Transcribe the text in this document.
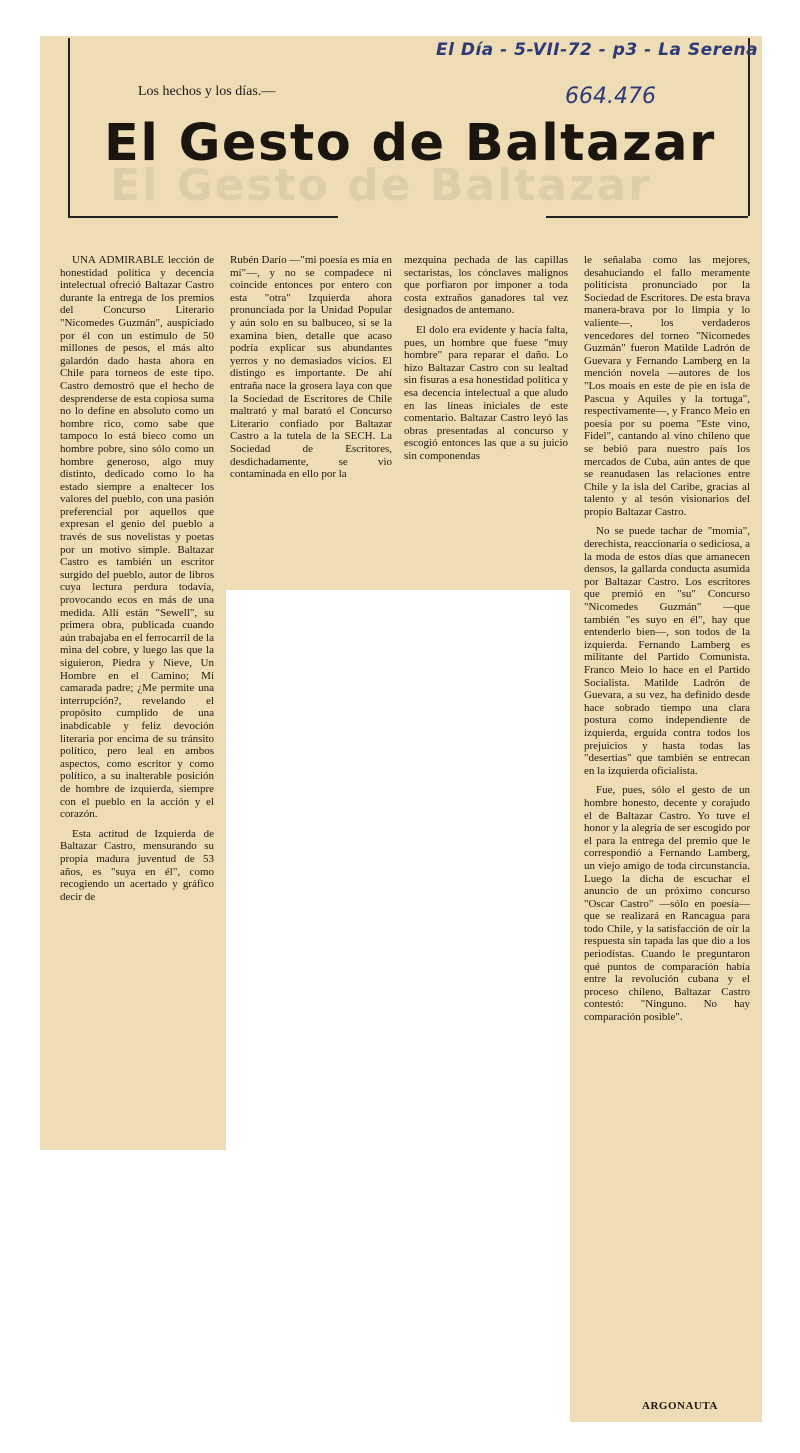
El Día - 5-VII-72 - p3 - La Serena
664.476
Los hechos y los días.—
El Gesto de Baltazar
El Gesto de Baltazar

UNA ADMIRABLE lección de honestidad política y decencia intelectual ofreció Baltazar Castro durante la entrega de los premios del Concurso Literario "Nicomedes Guzmán", auspiciado por él con un estímulo de 50 millones de pesos, el más alto galardón dado hasta ahora en Chile para torneos de este tipo. Castro demostró que el hecho de desprenderse de esta copiosa suma no lo define en absoluto como un hombre rico, como sabe que tampoco lo está bieco como un hombre pobre, sino sólo como un hombre generoso, algo muy distinto, dedicado como lo ha estado siempre a enaltecer los valores del pueblo, con una pasión preferencial por aquellos que expresan el genio del pueblo a través de sus novelistas y poetas por un motivo simple. Baltazar Castro es también un escritor surgido del pueblo, autor de libros cuya lectura perdura todavía, provocando ecos en más de una medida. Allí están "Sewell", su primera obra, publicada cuando aún trabajaba en el ferrocarril de la mina del cobre, y luego las que la siguieron, Piedra y Nieve, Un Hombre en el Camino; Mi camarada padre; ¿Me permite una interrupción?, revelando el propósito cumplido de una inabdicable y feliz devoción literaria por encima de su tránsito político, pero leal en ambos aspectos, como escritor y como político, a su inalterable posición de hombre de izquierda, siempre con el pueblo en la acción y el corazón.

Esta actitud de Izquierda de Baltazar Castro, mensurando su propia madura juventud de 53 años, es "suya en él", como recogiendo un acertado y gráfico decir de

Rubén Darío —"mi poesía es mía en mí"—, y no se compadece ni coincide entonces por entero con esta "otra" Izquierda ahora pronunciada por la Unidad Popular y aún solo en su balbuceo, si se la examina bien, detalle que acaso podría explicar sus abundantes yerros y no demasiados vicios. El distingo es importante. De ahí entraña nace la grosera laya con que la Sociedad de Escritores de Chile maltrató y mal barató el Concurso Literario confiado por Baltazar Castro a la tutela de la SECH. La Sociedad de Escritores, desdichadamente, se vio contaminada en ello por la

mezquina pechada de las capillas sectaristas, los cónclaves malignos que porfiaron por imponer a toda costa extraños ganadores tal vez designados de antemano.

El dolo era evidente y hacía falta, pues, un hombre que fuese "muy hombre" para reparar el daño. Lo hizo Baltazar Castro con su lealtad sin fisuras a esa honestidad política y esa decencia intelectual a que aludo en las líneas iniciales de este comentario. Baltazar Castro leyó las obras presentadas al concurso y escogió entonces las que a su juicio sin componendas

le señalaba como las mejores, desahuciando el fallo meramente politicista pronunciado por la Sociedad de Escritores. De esta brava manera-brava por lo limpia y lo valiente—, los verdaderos vencedores del torneo "Nicomedes Guzmán" fueron Matilde Ladrón de Guevara y Fernando Lamberg en la mención novela —autores de los "Los moais en este de pie en isla de Pascua y Aquiles y la tortuga", respectivamente—, y Franco Meio en poesía por su poema "Este vino, Fidel", cantando al vino chileno que se bebió para nuestro país los mercados de Cuba, aún antes de que se reanudasen las relaciones entre Chile y la isla del Caribe, gracias al talento y al tesón visionarios del propio Baltazar Castro.

No se puede tachar de "momia", derechista, reaccionaria o sediciosa, a la moda de estos días que amanecen densos, la gallarda conducta asumida por Baltazar Castro. Los escritores que premió en "su" Concurso "Nicomedes Guzmán" —que también "es suyo en él", hay que entenderlo bien—, son todos de la izquierda. Fernando Lamberg es militante del Partido Comunista. Franco Meio lo hace en el Partido Socialista. Matilde Ladrón de Guevara, a su vez, ha definido desde hace sobrado tiempo una clara postura como independiente de izquierda, erguida contra todos los prejuicios y hasta todas las "desertias" que también se entrecan en la izquierda oficialista.

Fue, pues, sólo el gesto de un hombre honesto, decente y corajudo el de Baltazar Castro. Yo tuve el honor y la alegría de ser escogido por el para la entrega del premio que le correspondió a Fernando Lamberg, un viejo amigo de toda circunstancia. Luego la dicha de escuchar el anuncio de un próximo concurso "Oscar Castro" —sólo en poesía— que se realizará en Rancagua para todo Chile, y la satisfacción de oír la respuesta sin tapada las que dio a los periodistas. Cuando le preguntaron qué puntos de comparación había entre la revolución cubana y el proceso chileno, Baltazar Castro contestó: "Ninguno. No hay comparación posible".

ARGONAUTA
